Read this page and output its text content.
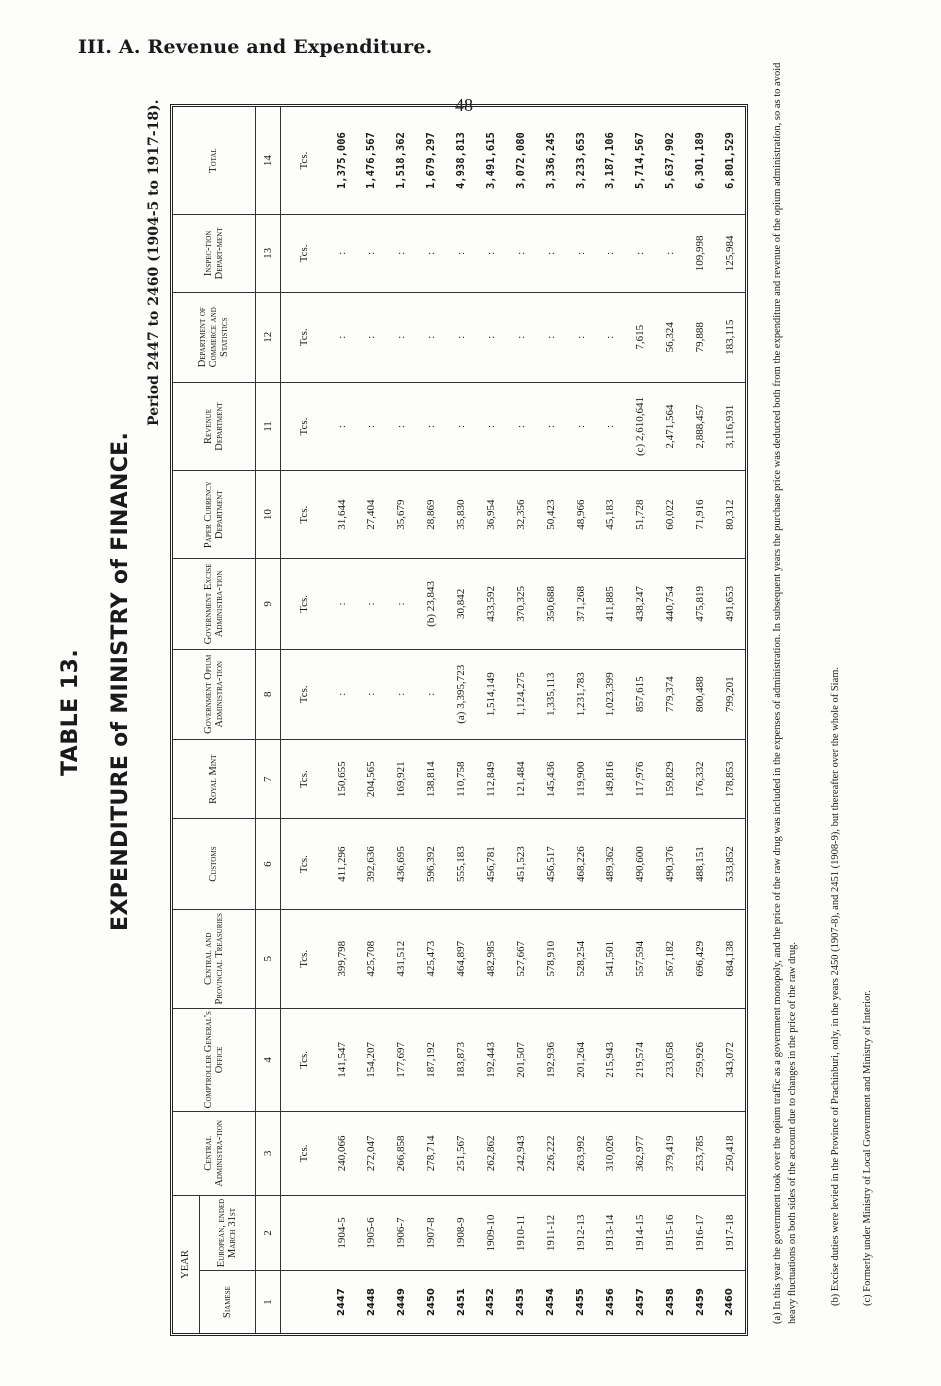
III. A. Revenue and Expenditure.
48
TABLE 13. EXPENDITURE of MINISTRY of FINANCE.
Period 2447 to 2460 (1904-5 to 1917-18).
YEAR		Central Administra-tion	Comptroller General's Office	Central and Provincial Treasuries	Customs	Royal Mint	Government Opium Administra-tion	Government Excise Administra-tion	Paper Currency Department	Revenue Department	Department of Commerce and Statistics	Inspec-tion Depart-ment	Total
Siamese	European, ended March 31st												
1	2	3	4	5	6	7	8	9	10	11	12	13	14
		Tcs.	Tcs.	Tcs.	Tcs.	Tcs.	Tcs.	Tcs.	Tcs.	Tcs.	Tcs.	Tcs.	Tcs.
2447	1904-5	240,066	141,547	399,798	411,296	150,655	:	:	31,644	:	:	:	1,375,006
2448	1905-6	272,047	154,207	425,708	392,636	204,565	:	:	27,404	:	:	:	1,476,567
2449	1906-7	266,858	177,697	431,512	436,695	169,921	:	:	35,679	:	:	:	1,518,362
2450	1907-8	278,714	187,192	425,473	596,392	138,814	:	(b) 23,843	28,869	:	:	:	1,679,297
2451	1908-9	251,567	183,873	464,897	555,183	110,758	(a) 3,395,723	30,842	35,830	:	:	:	4,938,813
2452	1909-10	262,862	192,443	482,985	456,781	112,849	1,514,149	433,592	36,954	:	:	:	3,491,615
2453	1910-11	242,943	201,507	527,667	451,523	121,484	1,124,275	370,325	32,356	:	:	:	3,072,080
2454	1911-12	226,222	192,936	578,910	456,517	145,436	1,335,113	350,688	50,423	:	:	:	3,336,245
2455	1912-13	263,992	201,264	528,254	468,226	119,900	1,231,783	371,268	48,966	:	:	:	3,233,653
2456	1913-14	310,026	215,943	541,501	489,362	149,816	1,023,399	411,885	45,183	:	:	:	3,187,106
2457	1914-15	362,977	219,574	557,594	490,600	117,976	857,615	438,247	51,728	(c) 2,610,641	7,615	:	5,714,567
2458	1915-16	379,419	233,058	567,182	490,376	159,829	779,374	440,754	60,022	2,471,564	56,324	:	5,637,902
2459	1916-17	253,785	259,926	696,429	488,151	176,332	800,488	475,819	71,916	2,888,457	79,888	109,998	6,301,189
2460	1917-18	250,418	343,072	684,138	533,852	178,853	799,201	491,653	80,312	3,116,931	183,115	125,984	6,801,529	(a) In this year the government took over the opium traffic as a government monopoly, and the price of the raw drug was included in the expenses of administration. In subsequent years the purchase price was deducted both from the expenditure and revenue of the opium administration, so as to avoid heavy fluctuations on both sides of the account due to changes in the price of the raw drug.	(b) Excise duties were levied in the Province of Prachinburi, only, in the years 2450 (1907-8), and 2451 (1908-9), but thereafter over the whole of Siam. (c) Formerly under Ministry of Local Government and Ministry of Interior.
